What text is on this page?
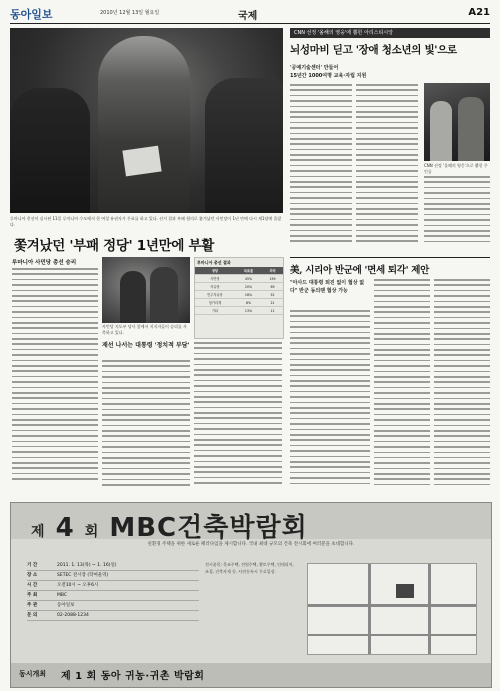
동아일보	2010년 12월 13일 월요일	국제	A21
루마니아 총선이 실시된 11일 루마니아 수도에서 한 여성 유권자가 투표를 하고 있다. 선거 결과 부패 혐의로 쫓겨났던 사민당이 1년 만에 다시 제1당에 올랐다.
쫓겨났던 '부패 정당' 1년만에 부활
루마니아 사민당 총선 승리
사민당 지도부 당사 앞에서 지지자들이 승리를 자축하고 있다.
재선 나서는 대통령 '정치적 부담'
루마니아 총선 결과
정당	득표율	의석
사민당	45%	159
자유당	20%	69
민주자유당	16%	52
헝가리계	6%	21
기타	13%	11
CNN 선정 '올해의 영웅'에 뽑힌 아리스티시앙
뇌성마비 딛고 '장애 청소년의 빛'으로
'공예기술센터' 만들어
15년간 1000여명 교육·자립 지원
CNN 선정 '올해의 영웅'으로 뽑힌 주인공
美, 시리아 반군에 '면세 퇴각' 제안
"아사드 대통령 퇴진 없이 협상 없다" 반군 동의땐 협상 가능
제 4 회 MBC건축박람회
친환경 주택을 위한 새로운 패러다임을 제시합니다. 국내 최대 규모의 건축 전시회에 여러분을 초대합니다.
기 간	2011. 1. 13(목) ~ 1. 16(일)
장 소	SETEC 전시장 (학여울역)
시 간	오전10시 ~ 오후6시
주 최	MBC
주 관	동아일보
문 의	02-2088-1234
전시품목: 목조주택, 전원주택, 황토주택, 인테리어, 조경, 건축자재 등. 사전등록시 무료입장.
동시개최 제 1 회 동아 귀농·귀촌 박람회
